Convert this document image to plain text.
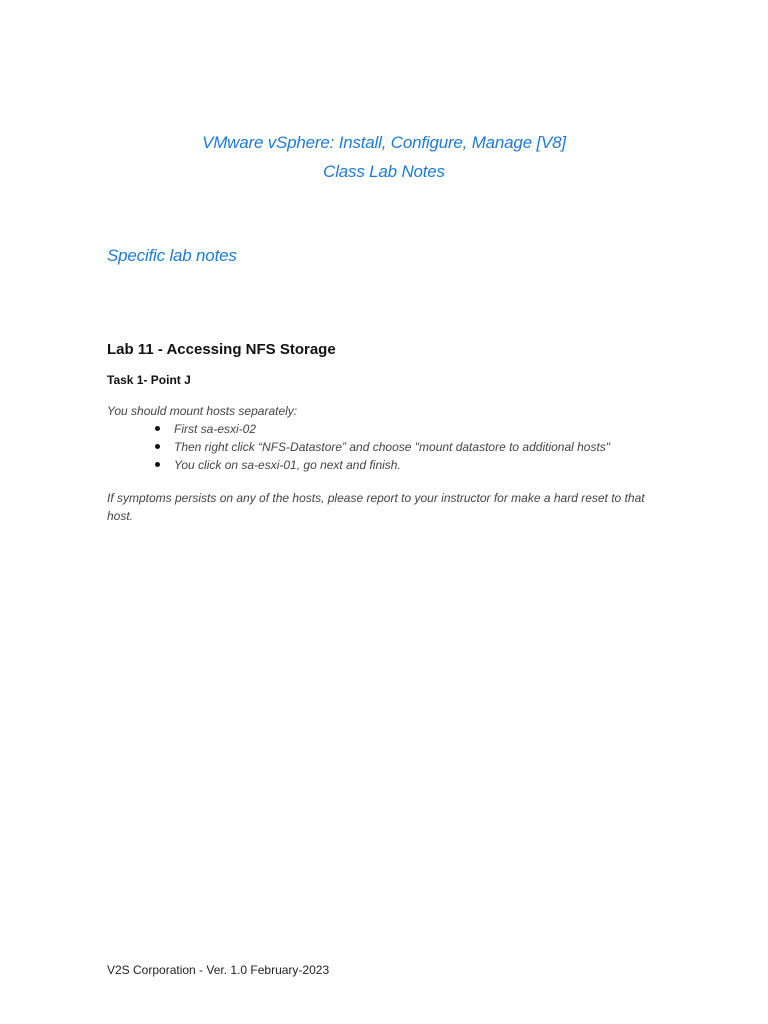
VMware vSphere: Install, Configure, Manage [V8]
Class Lab Notes
Specific lab notes
Lab 11 - Accessing NFS Storage
Task 1- Point J
You should mount hosts separately:
First sa-esxi-02
Then right click “NFS-Datastore” and choose "mount datastore to additional hosts"
You click on sa-esxi-01, go next and finish.
If symptoms persists on any of the hosts, please report to your instructor for make a hard reset to that host.
V2S Corporation - Ver. 1.0 February-2023
